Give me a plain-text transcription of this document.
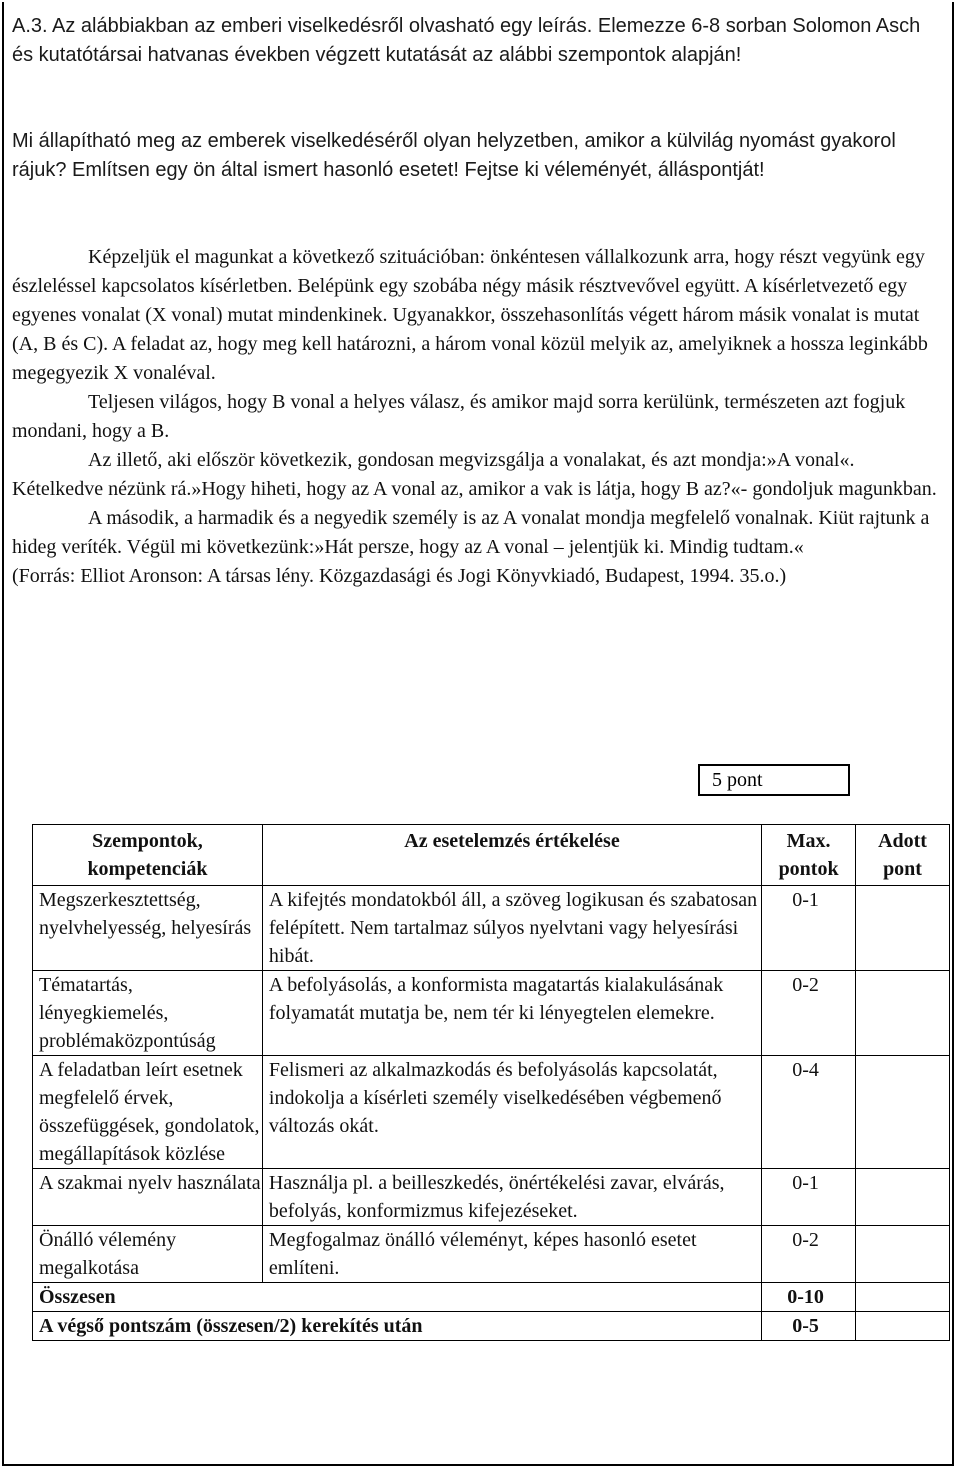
A.3. Az alábbiakban az emberi viselkedésről olvasható egy leírás. Elemezze 6-8 sorban Solomon Asch és kutatótársai hatvanas években végzett kutatását az alábbi szempontok alapján!
Mi állapítható meg az emberek viselkedéséről olyan helyzetben, amikor a külvilág nyomást gyakorol rájuk? Említsen egy ön által ismert hasonló esetet! Fejtse ki véleményét, álláspontját!

Képzeljük el magunkat a következő szituációban: önkéntesen vállalkozunk arra, hogy részt vegyünk egy észleléssel kapcsolatos kísérletben. Belépünk egy szobába négy másik résztvevővel együtt. A kísérletvezető egy egyenes vonalat (X vonal) mutat mindenkinek. Ugyanakkor, összehasonlítás végett három másik vonalat is mutat (A, B és C). A feladat az, hogy meg kell határozni, a három vonal közül melyik az, amelyiknek a hossza leginkább megegyezik X vonaléval.

Teljesen világos, hogy B vonal a helyes válasz, és amikor majd sorra kerülünk, természeten azt fogjuk mondani, hogy a B.

Az illető, aki először következik, gondosan megvizsgálja a vonalakat, és azt mondja:»A vonal«. Kételkedve nézünk rá.»Hogy hiheti, hogy az A vonal az, amikor a vak is látja, hogy B az?«- gondoljuk magunkban.

A második, a harmadik és a negyedik személy is az A vonalat mondja megfelelő vonalnak. Kiüt rajtunk a hideg veríték. Végül mi következünk:»Hát persze, hogy az A vonal – jelentjük ki. Mindig tudtam.«

(Forrás: Elliot Aronson: A társas lény. Közgazdasági és Jogi Könyvkiadó, Budapest, 1994. 35.o.)

5 pont
Szempontok, kompetenciák	Az esetelemzés értékelése	Max. pontok	Adott pont
Megszerkesztettség, nyelvhelyesség, helyesírás	A kifejtés mondatokból áll, a szöveg logikusan és szabatosan felépített. Nem tartalmaz súlyos nyelvtani vagy helyesírási hibát.	0-1	
Tématartás, lényegkiemelés, problémaközpontúság	A befolyásolás, a konformista magatartás kialakulásának folyamatát mutatja be, nem tér ki lényegtelen elemekre.	0-2	
A feladatban leírt esetnek megfelelő érvek, összefüggések, gondolatok, megállapítások közlése	Felismeri az alkalmazkodás és befolyásolás kapcsolatát, indokolja a kísérleti személy viselkedésében végbemenő változás okát.	0-4	
A szakmai nyelv használata	Használja pl. a beilleszkedés, önértékelési zavar, elvárás, befolyás, konformizmus kifejezéseket.	0-1	
Önálló vélemény megalkotása	Megfogalmaz önálló véleményt, képes hasonló esetet említeni.	0-2	
Összesen		0-10	
A végső pontszám (összesen/2) kerekítés után		0-5	
